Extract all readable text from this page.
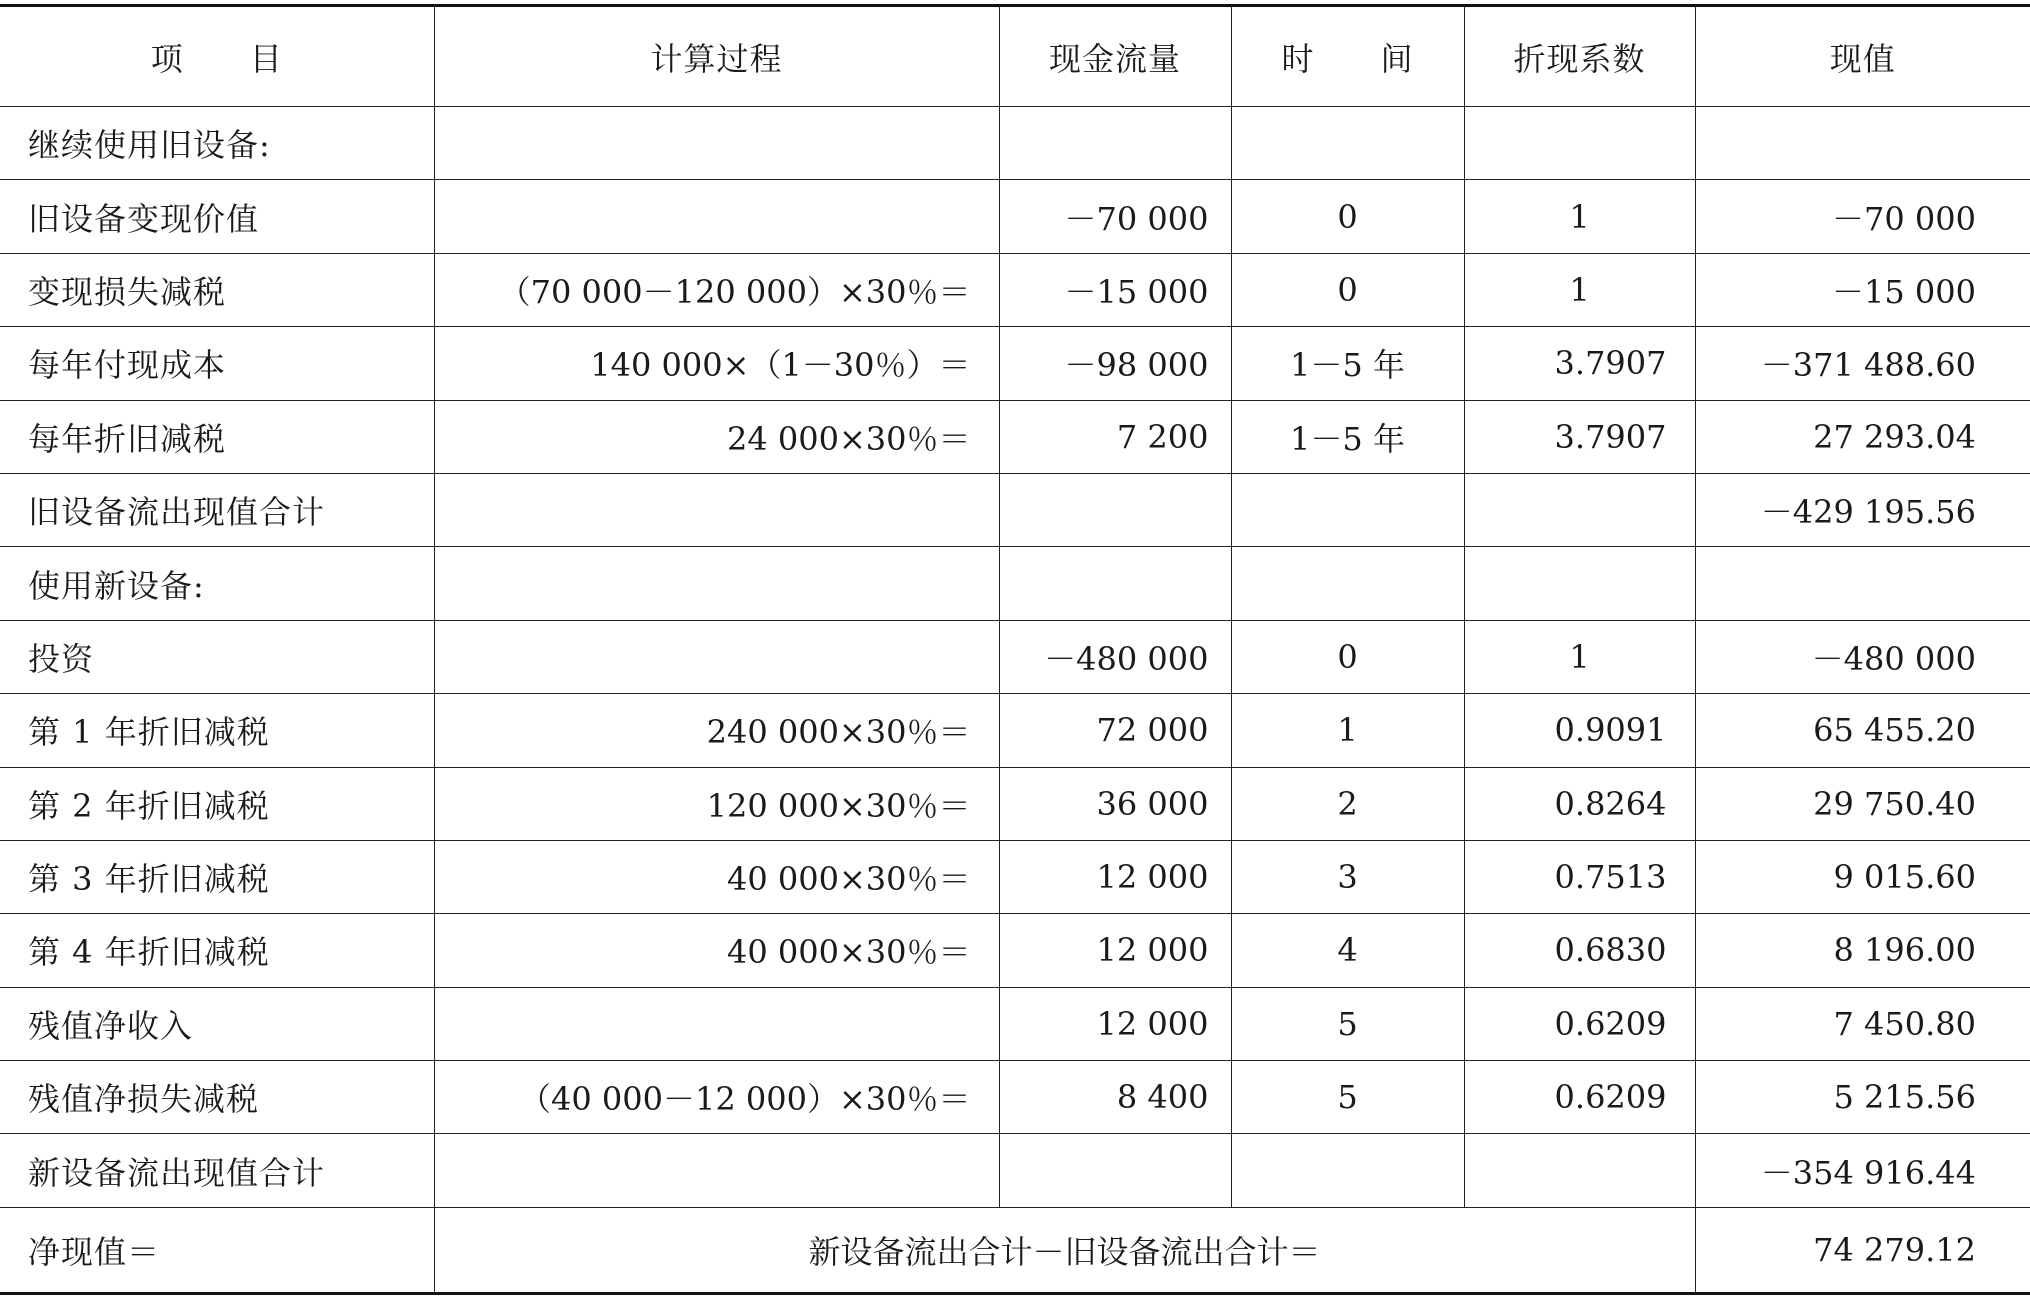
项　　目	计算过程	现金流量	时　　间	折现系数	现值
继续使用旧设备:					
旧设备变现价值		－70 000	0	1	－70 000
变现损失减税	（70 000－120 000）×30％＝	－15 000	0	1	－15 000
每年付现成本	140 000×（1－30％）＝	－98 000	1－5 年	3.7907	－371 488.60
每年折旧减税	24 000×30％＝	7 200	1－5 年	3.7907	27 293.04
旧设备流出现值合计					－429 195.56
使用新设备:					
投资		－480 000	0	1	－480 000
第 1 年折旧减税	240 000×30％＝	72 000	1	0.9091	65 455.20
第 2 年折旧减税	120 000×30％＝	36 000	2	0.8264	29 750.40
第 3 年折旧减税	40 000×30％＝	12 000	3	0.7513	9 015.60
第 4 年折旧减税	40 000×30％＝	12 000	4	0.6830	8 196.00
残值净收入		12 000	5	0.6209	7 450.80
残值净损失减税	（40 000－12 000）×30％＝	8 400	5	0.6209	5 215.56
新设备流出现值合计					－354 916.44
净现值＝	新设备流出合计－旧设备流出合计＝				74 279.12
